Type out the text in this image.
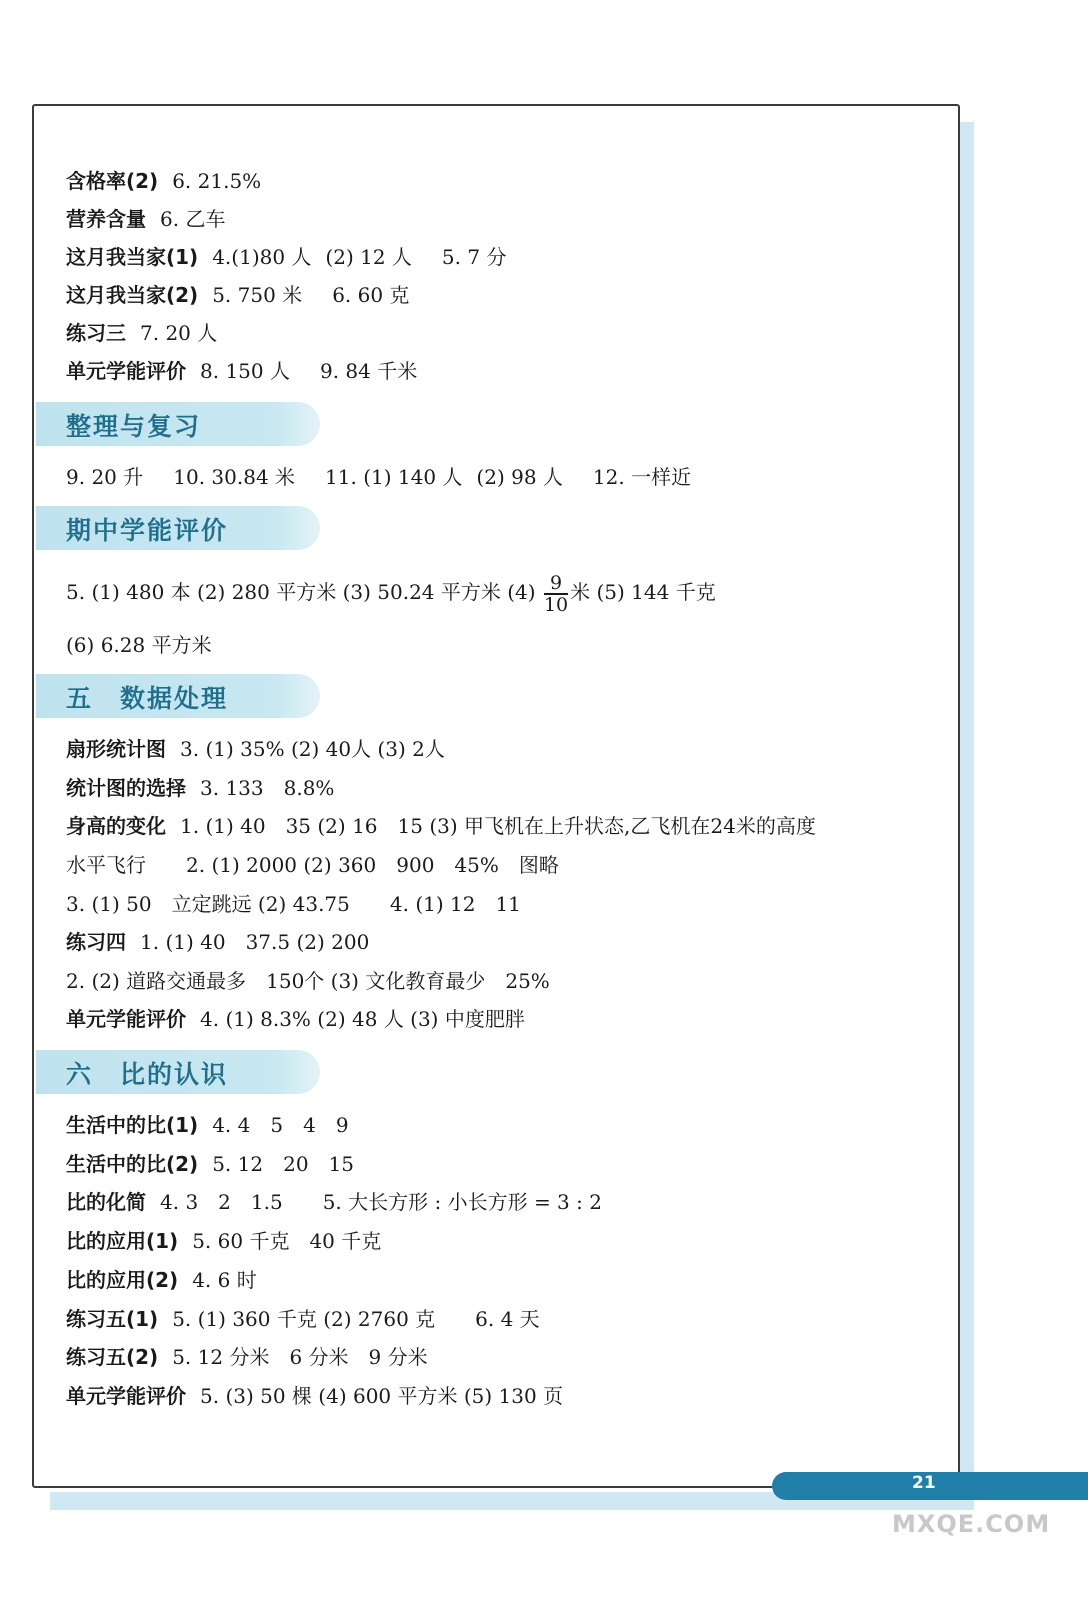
含格率(2) 6. 21.5%
营养含量 6. 乙车
这月我当家(1) 4.(1)80 人 (2) 12 人 5. 7 分
这月我当家(2) 5. 750 米 6. 60 克
练习三 7. 20 人
单元学能评价 8. 150 人 9. 84 千米
整理与复习
9. 20 升 10. 30.84 米 11. (1) 140 人 (2) 98 人 12. 一样近
期中学能评价
5. (1) 480 本 (2) 280 平方米 (3) 50.24 平方米 $(4) \frac{9}{10}$ 米 (5) 144 千克
(6) 6.28 平方米
五　数据处理
扇形统计图 3. (1) 35% (2) 40人 (3) 2人
统计图的选择 3. 133　8.8%
身高的变化 1. (1) 40　35 (2) 16　15 (3) 甲飞机在上升状态,乙飞机在24米的高度
水平飞行　　2. (1) 2000 (2) 360　900　45%　图略
3. (1) 50　立定跳远 (2) 43.75　　4. (1) 12　11
练习四 1. (1) 40　37.5 (2) 200
2. (2) 道路交通最多　150个 (3) 文化教育最少　25%
单元学能评价 4. (1) 8.3% (2) 48 人 (3) 中度肥胖
六　比的认识
生活中的比(1) 4. 4　5　4　9
生活中的比(2) 5. 12　20　15
比的化简 4. 3　2　1.5　　5. 大长方形 : 小长方形 = 3 : 2
比的应用(1) 5. 60 千克　40 千克
比的应用(2) 4. 6 时
练习五(1) 5. (1) 360 千克 (2) 2760 克　　6. 4 天
练习五(2) 5. 12 分米　6 分米　9 分米
单元学能评价 5. (3) 50 棵 (4) 600 平方米 (5) 130 页
21
MXQE.COM
